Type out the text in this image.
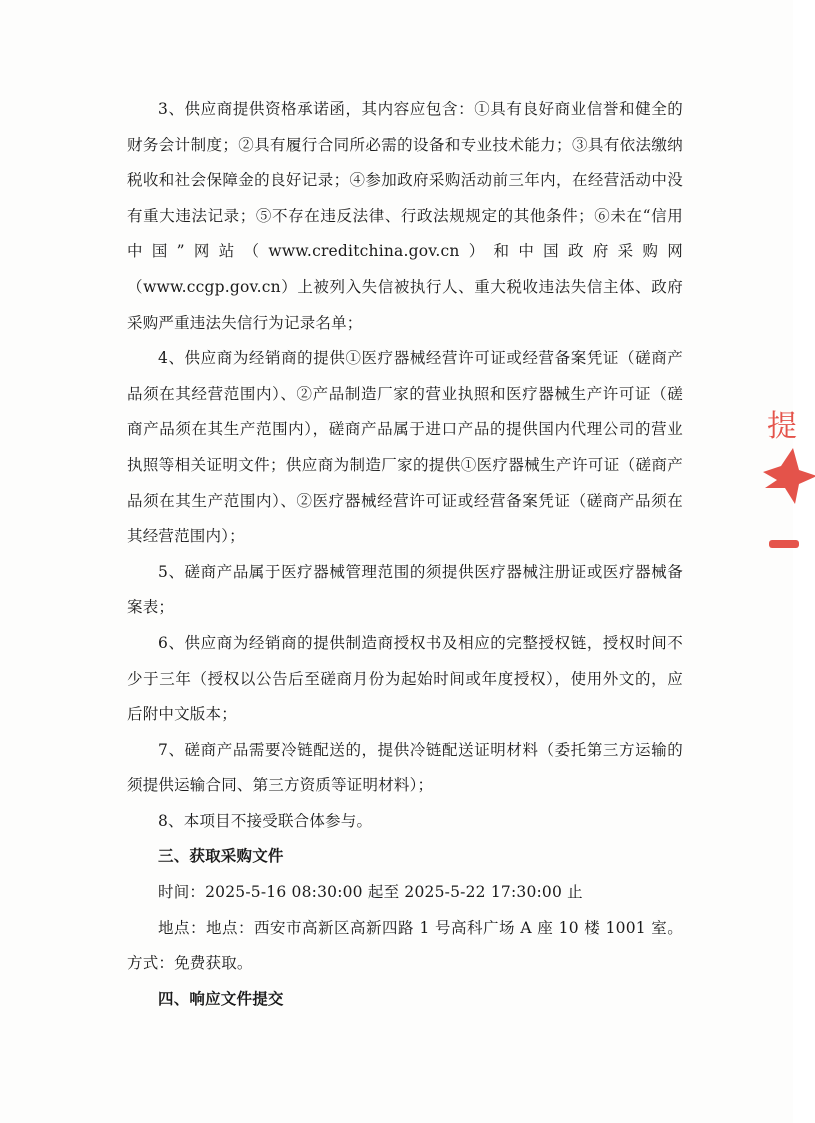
3、供应商提供资格承诺函，其内容应包含：①具有良好商业信誉和健全的财务会计制度；②具有履行合同所必需的设备和专业技术能力；③具有依法缴纳税收和社会保障金的良好记录；④参加政府采购活动前三年内，在经营活动中没有重大违法记录；⑤不存在违反法律、行政法规规定的其他条件；⑥未在“信用中国”网站（www.creditchina.gov.cn）和中国政府采购网（www.ccgp.gov.cn）上被列入失信被执行人、重大税收违法失信主体、政府采购严重违法失信行为记录名单；

4、供应商为经销商的提供①医疗器械经营许可证或经营备案凭证（磋商产品须在其经营范围内）、②产品制造厂家的营业执照和医疗器械生产许可证（磋商产品须在其生产范围内），磋商产品属于进口产品的提供国内代理公司的营业执照等相关证明文件；供应商为制造厂家的提供①医疗器械生产许可证（磋商产品须在其生产范围内）、②医疗器械经营许可证或经营备案凭证（磋商产品须在其经营范围内）；

5、磋商产品属于医疗器械管理范围的须提供医疗器械注册证或医疗器械备案表；

6、供应商为经销商的提供制造商授权书及相应的完整授权链，授权时间不少于三年（授权以公告后至磋商月份为起始时间或年度授权），使用外文的，应后附中文版本；

7、磋商产品需要冷链配送的，提供冷链配送证明材料（委托第三方运输的须提供运输合同、第三方资质等证明材料）；

8、本项目不接受联合体参与。

三、获取采购文件

时间：2025-5-16 08:30:00 起至 2025-5-22 17:30:00 止

地点：地点：西安市高新区高新四路 1 号高科广场 A 座 10 楼 1001 室。方式：免费获取。

四、响应文件提交

提
